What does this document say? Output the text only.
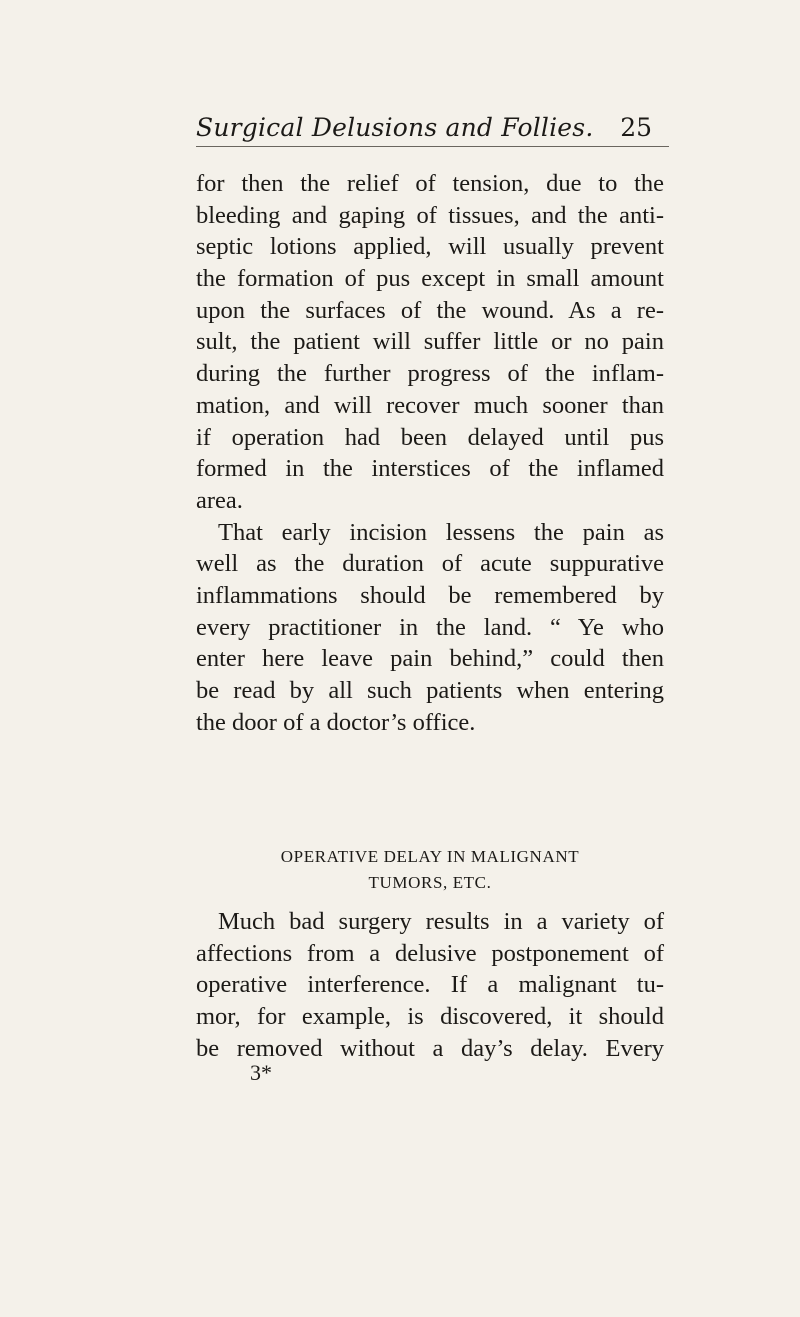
Surgical Delusions and Follies. 25
for then the relief of tension, due to the
bleeding and gaping of tissues, and the anti-
septic lotions applied, will usually prevent
the formation of pus except in small amount
upon the surfaces of the wound. As a re-
sult, the patient will suffer little or no pain
during the further progress of the inflam-
mation, and will recover much sooner than
if operation had been delayed until pus
formed in the interstices of the inflamed
area.
That early incision lessens the pain as
well as the duration of acute suppurative
inflammations should be remembered by
every practitioner in the land. “ Ye who
enter here leave pain behind,” could then
be read by all such patients when entering
the door of a doctor’s office.
OPERATIVE DELAY IN MALIGNANT
TUMORS, ETC.
Much bad surgery results in a variety of
affections from a delusive postponement of
operative interference. If a malignant tu-
mor, for example, is discovered, it should
be removed without a day’s delay. Every
3*
